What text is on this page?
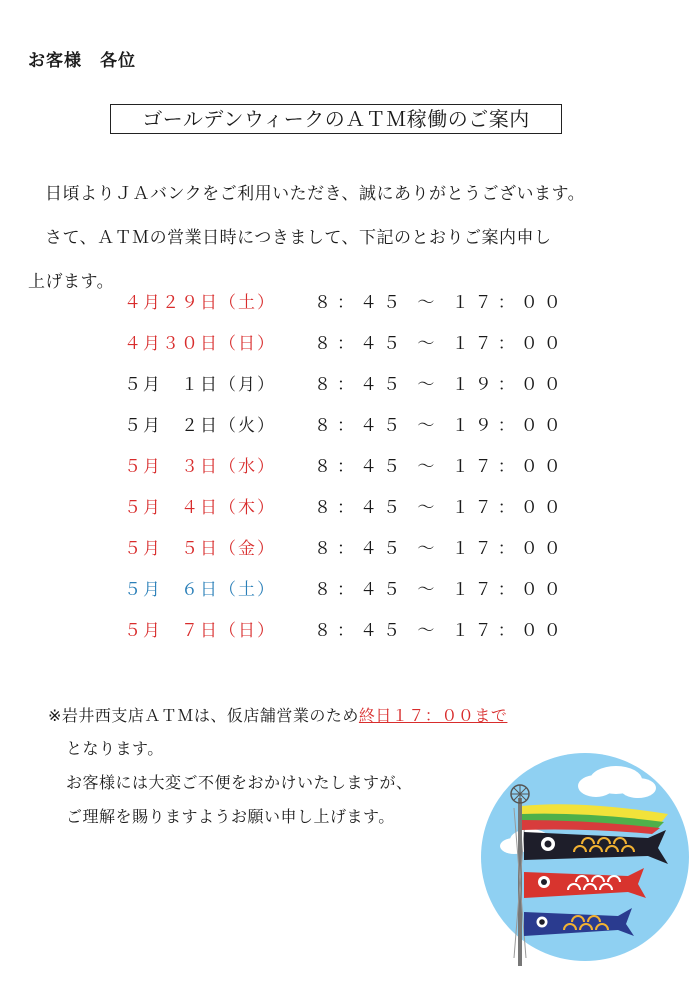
お客様　各位
ゴールデンウィークのＡＴＭ稼働のご案内

日頃よりＪＡバンクをご利用いただき、誠にありがとうございます。

さて、ＡＴＭの営業日時につきまして、下記のとおりご案内申し

上げます。

４月２９日（土） ８：４５ ～ １７：００
４月３０日（日） ８：４５ ～ １７：００
５月　１日（月） ８：４５ ～ １９：００
５月　２日（火） ８：４５ ～ １９：００
５月　３日（水） ８：４５ ～ １７：００
５月　４日（木） ８：４５ ～ １７：００
５月　５日（金） ８：４５ ～ １７：００
５月　６日（土） ８：４５ ～ １７：００
５月　７日（日） ８：４５ ～ １７：００

※岩井西支店ＡＴＭは、仮店舗営業のため終日１７：００まで

となります。

お客様には大変ご不便をおかけいたしますが、

ご理解を賜りますようお願い申し上げます。
